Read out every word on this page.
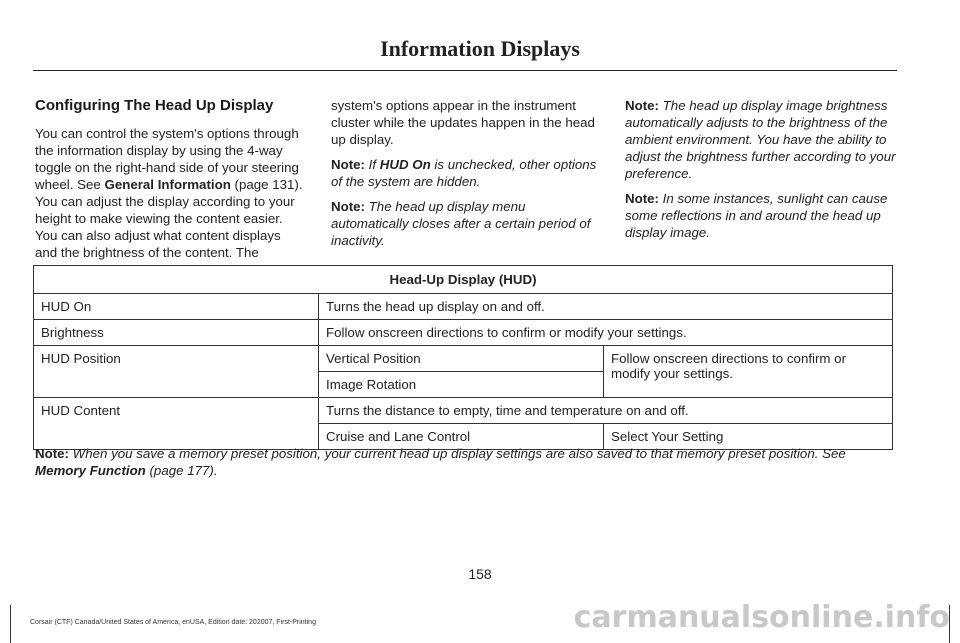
Information Displays
Configuring The Head Up Display

You can control the system's options through the information display by using the 4-way toggle on the right-hand side of your steering wheel. See General Information (page 131). You can adjust the display according to your height to make viewing the content easier. You can also adjust what content displays and the brightness of the content. The

system's options appear in the instrument cluster while the updates happen in the head up display.

Note: If HUD On is unchecked, other options of the system are hidden.

Note: The head up display menu automatically closes after a certain period of inactivity.

Note: The head up display image brightness automatically adjusts to the brightness of the ambient environment. You have the ability to adjust the brightness further according to your preference.

Note: In some instances, sunlight can cause some reflections in and around the head up display image.

Head-Up Display (HUD)		
HUD On	Turns the head up display on and off.	
Brightness	Follow onscreen directions to confirm or modify your settings.	
HUD Position	Vertical Position	Follow onscreen directions to confirm or modify your settings.
	Image Rotation	
HUD Content	Turns the distance to empty, time and temperature on and off.	
	Cruise and Lane Control	Select Your Setting
Note: When you save a memory preset position, your current head up display settings are also saved to that memory preset position. See Memory Function (page 177).
158
Corsair (CTF) Canada/United States of America, enUSA, Edition date: 202007, First-Printing	carmanualsonline.info
